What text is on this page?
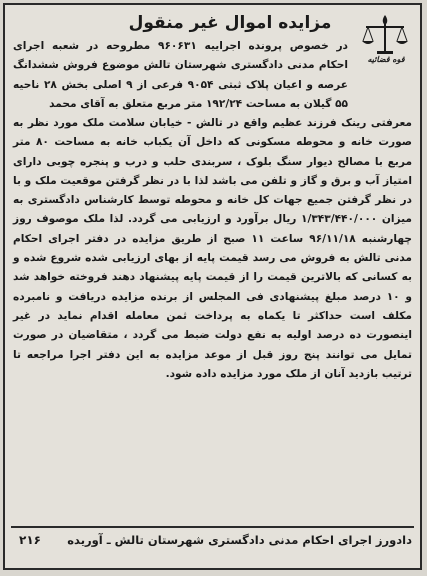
مزایده اموال غیر منقول
قوه قضائیه
در خصوص پرونده اجراییه ۹۶۰۶۳۱ مطروحه در شعبه اجرای احکام مدنی دادگستری شهرستان تالش موضوع فروش ششدانگ عرصه و اعیان پلاک ثبتی ۹۰۵۴ فرعی از ۹ اصلی بخش ۲۸ ناحیه ۵۵ گیلان به مساحت ۱۹۲/۲۴ متر مربع متعلق به آقای محمد
معرفتی رینک فرزند عظیم واقع در تالش - خیابان سلامت ملک مورد نظر به صورت خانه و محوطه مسکونی که داخل آن یکباب خانه به مساحت ۸۰ متر مربع با مصالح دیوار سنگ بلوک ، سربندی حلب و درب و پنجره چوبی دارای امتیاز آب و برق و گاز و تلفن می باشد لذا با در نظر گرفتن موقعیت ملک و با در نظر گرفتن جمیع جهات کل خانه و محوطه توسط کارشناس دادگستری به میزان ۱/۳۴۳/۴۴۰/۰۰۰ ریال برآورد و ارزیابی می گردد. لذا ملک موصوف روز چهارشنبه ۹۶/۱۱/۱۸ ساعت ۱۱ صبح از طریق مزایده در دفتر اجرای احکام مدنی تالش به فروش می رسد قیمت پایه از بهای ارزیابی شده شروع شده و به کسانی که بالاترین قیمت را از قیمت پایه پیشنهاد دهند فروخته خواهد شد و ۱۰ درصد مبلغ پیشنهادی فی المجلس از برنده مزایده دریافت و نامبرده مکلف است حداکثر تا یکماه به پرداخت ثمن معامله اقدام نماید در غیر اینصورت ده درصد اولیه به نفع دولت ضبط می گردد ، متقاضیان در صورت تمایل می توانند پنج روز قبل از موعد مزایده به این دفتر اجرا مراجعه تا ترتیب بازدید آنان از ملک مورد مزایده داده شود.
دادورز اجرای احکام مدنی دادگستری شهرستان تالش ـ آوریده
۲۱۶
